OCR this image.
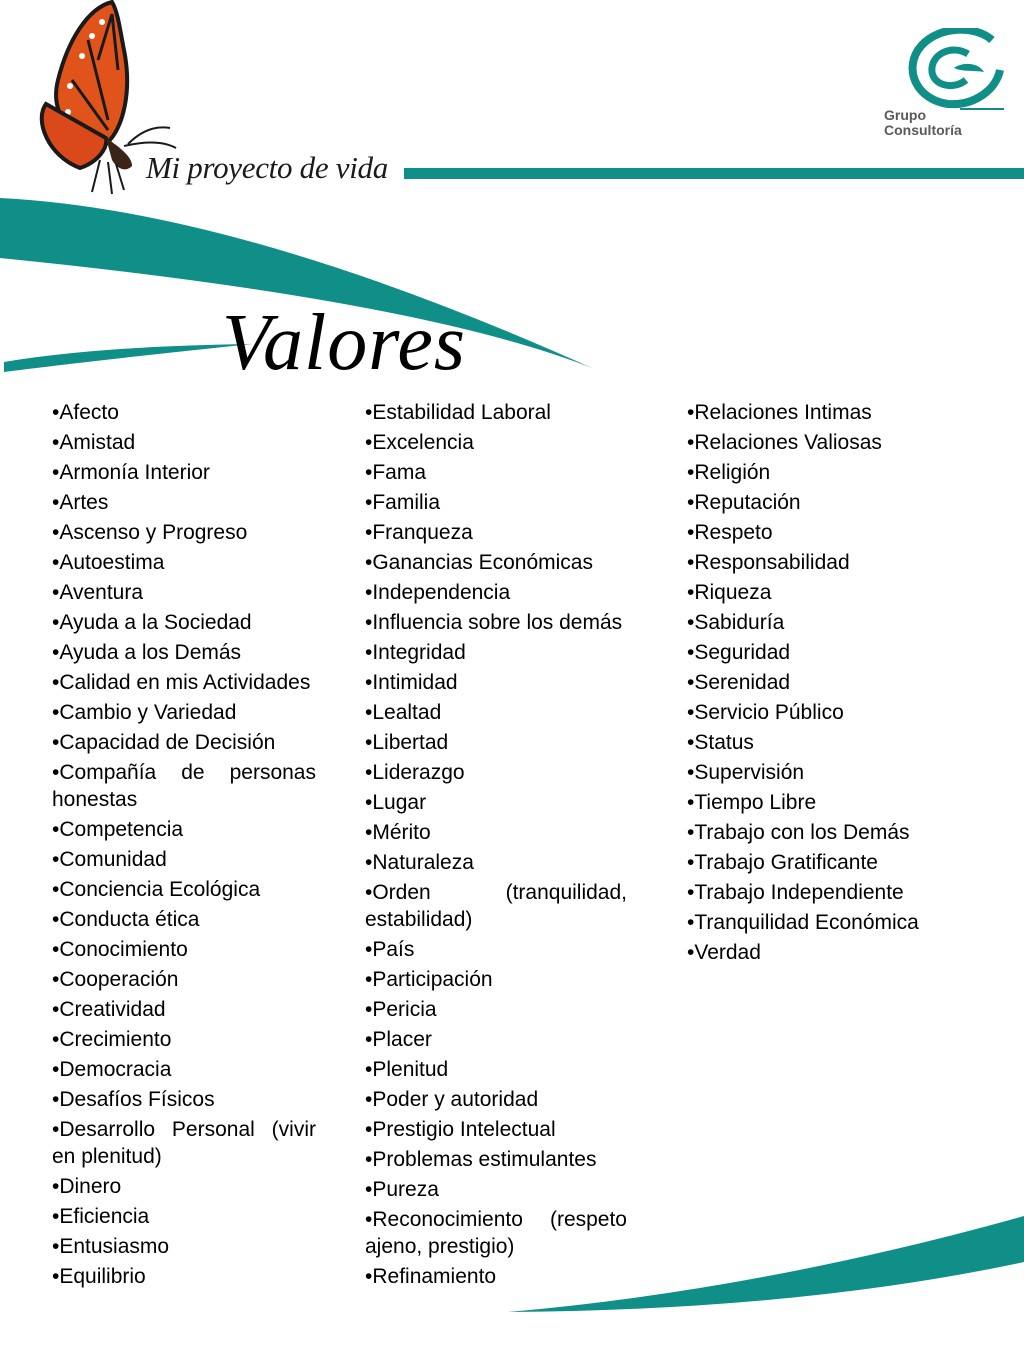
Grupo
Consultoría
Mi proyecto de vida
Valores
•Afecto
•Amistad
•Armonía Interior
•Artes
•Ascenso y Progreso
•Autoestima
•Aventura
•Ayuda a la Sociedad
•Ayuda a los Demás
•Calidad en mis Actividades
•Cambio y Variedad
•Capacidad de Decisión
•Compañía de personas honestas
•Competencia
•Comunidad
•Conciencia Ecológica
•Conducta ética
•Conocimiento
•Cooperación
•Creatividad
•Crecimiento
•Democracia
•Desafíos Físicos
•Desarrollo Personal (vivir en plenitud)
•Dinero
•Eficiencia
•Entusiasmo
•Equilibrio
•Estabilidad Laboral
•Excelencia
•Fama
•Familia
•Franqueza
•Ganancias Económicas
•Independencia
•Influencia sobre los demás
•Integridad
•Intimidad
•Lealtad
•Libertad
•Liderazgo
•Lugar
•Mérito
•Naturaleza
•Orden (tranquilidad, estabilidad)
•País
•Participación
•Pericia
•Placer
•Plenitud
•Poder y autoridad
•Prestigio Intelectual
•Problemas estimulantes
•Pureza
•Reconocimiento (respeto ajeno, prestigio)
•Refinamiento
•Relaciones Intimas
•Relaciones Valiosas
•Religión
•Reputación
•Respeto
•Responsabilidad
•Riqueza
•Sabiduría
•Seguridad
•Serenidad
•Servicio Público
•Status
•Supervisión
•Tiempo Libre
•Trabajo con los Demás
•Trabajo Gratificante
•Trabajo Independiente
•Tranquilidad Económica
•Verdad
